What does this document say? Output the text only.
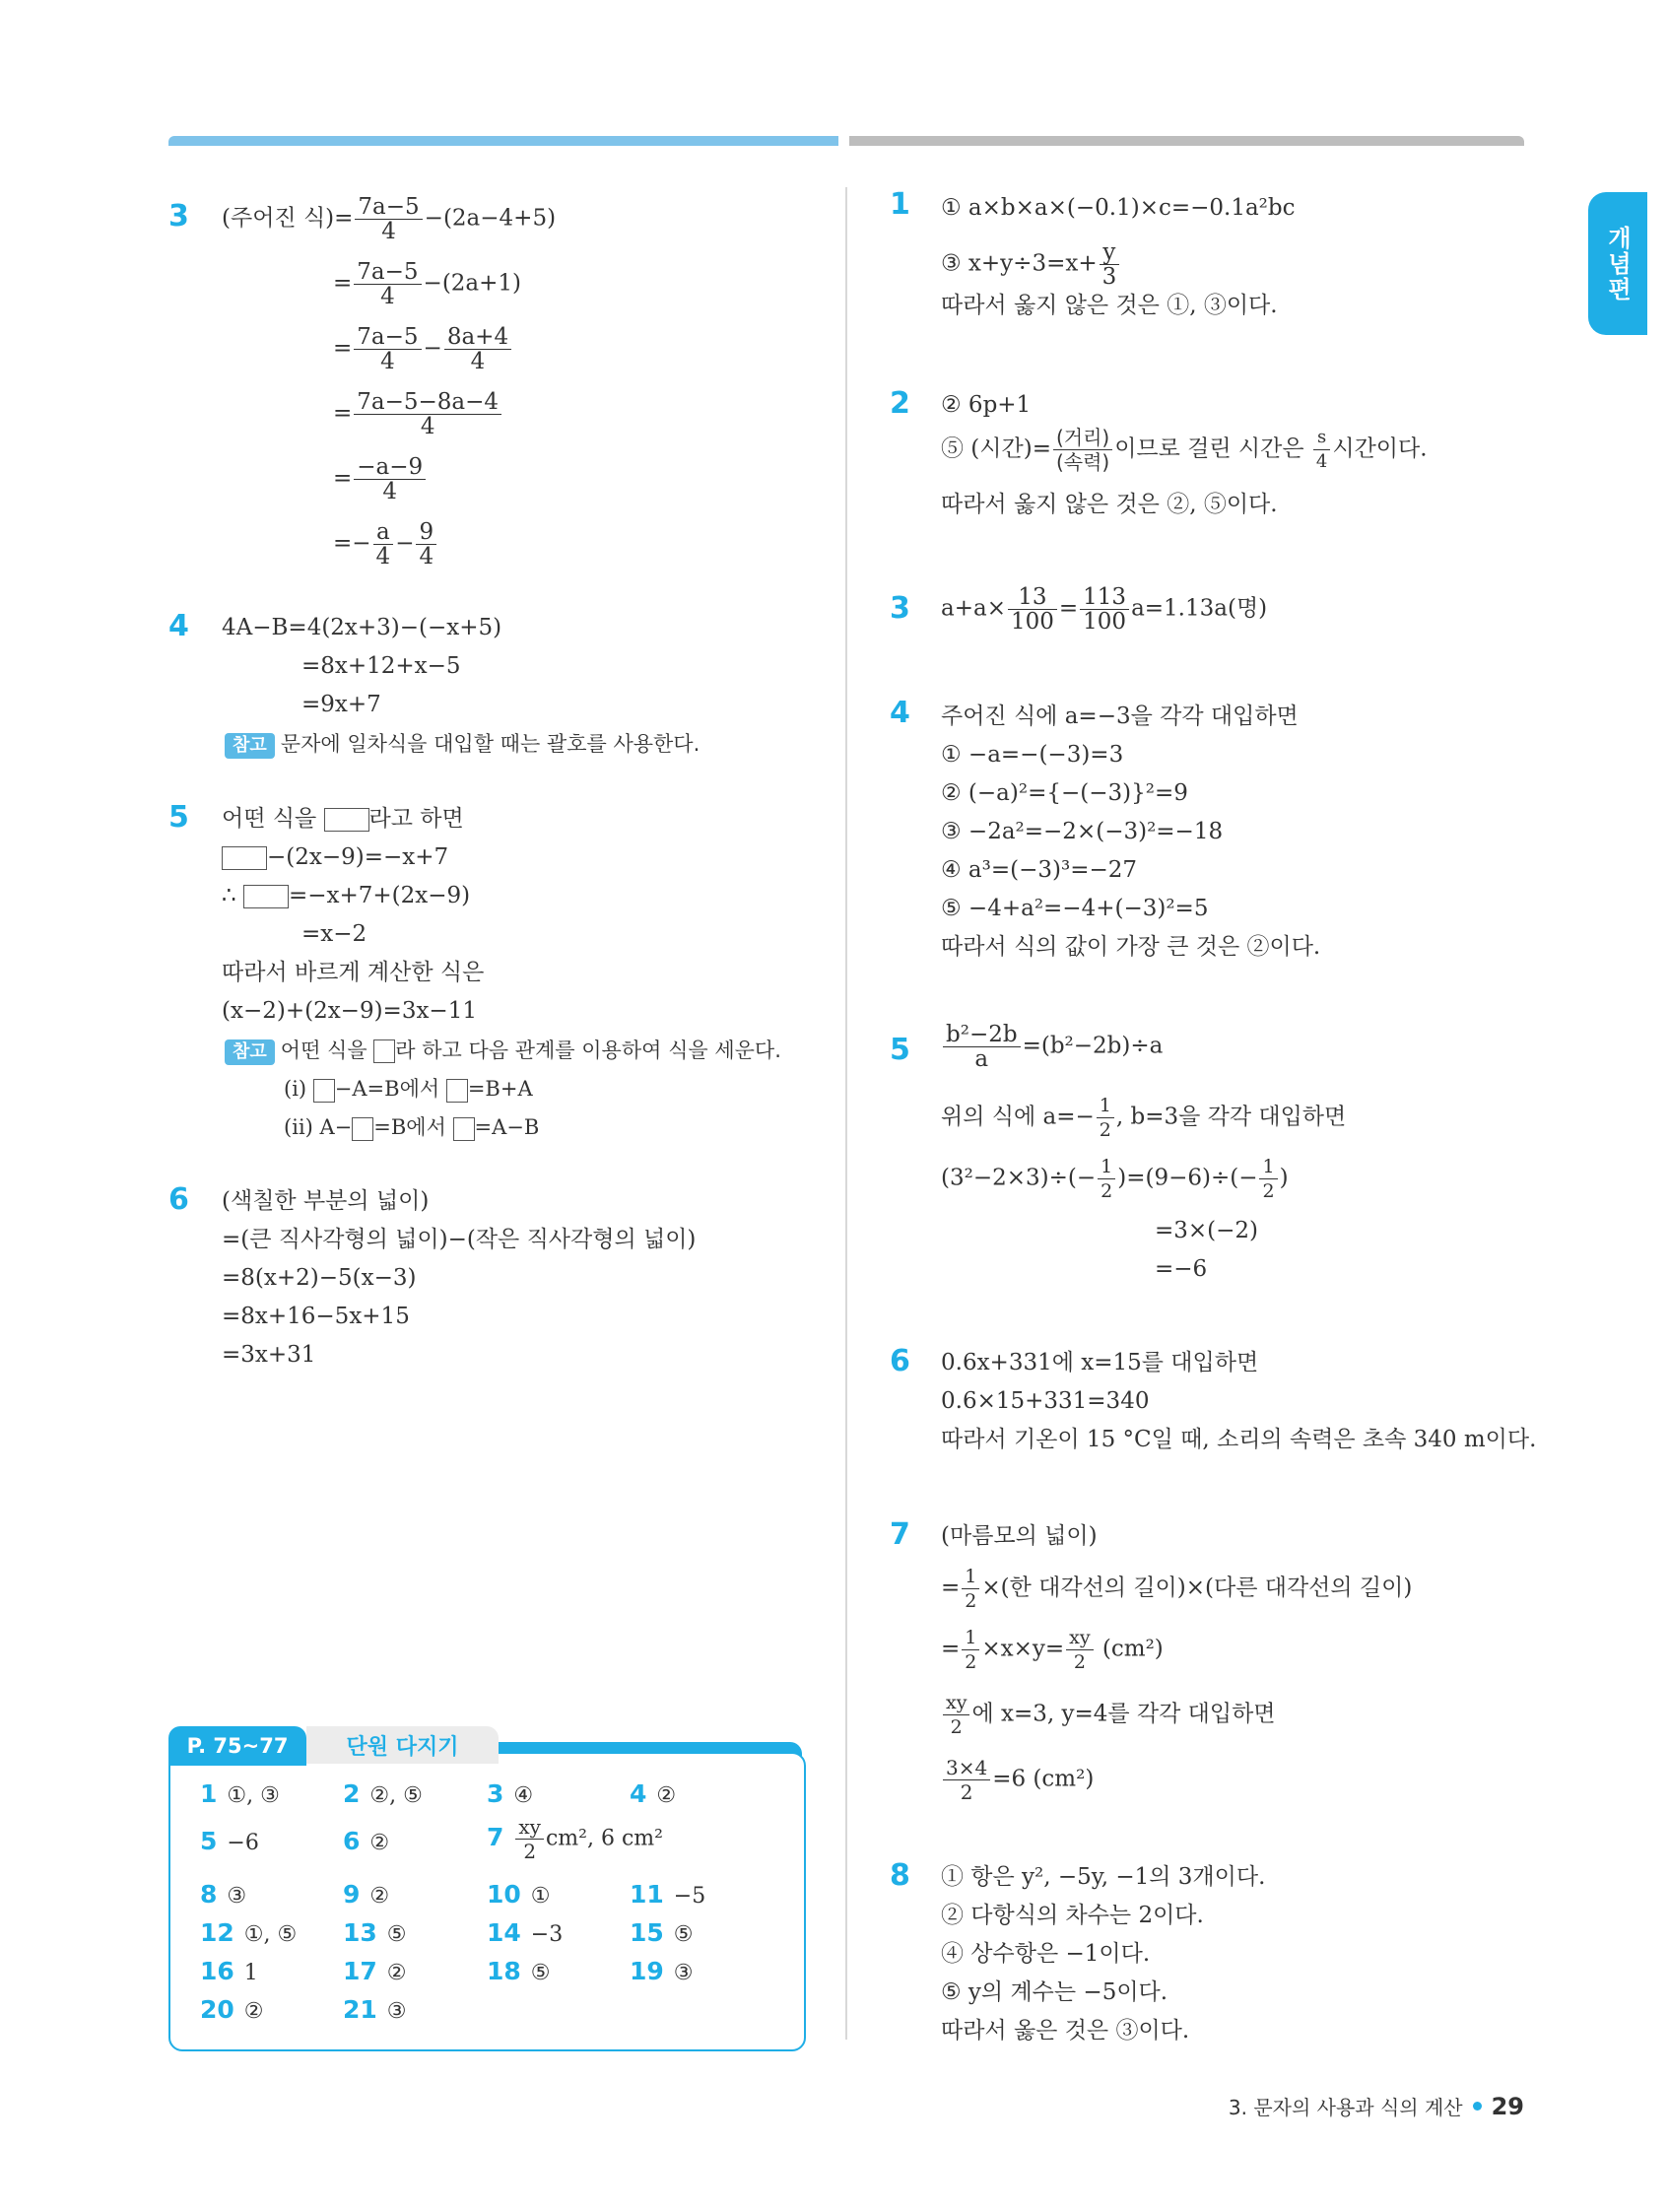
개념편
3 (주어진 식)= $\frac{7a-5}{4} -(2a-4+5)$
= $\frac{7a-5}{4} -(2a+1)$
= $\frac{7a-5}{4} - \frac{8a+4}{4}$
= $\frac{7a-5-8a-4}{4}$
= $\frac{-a-9}{4}$
=− $\frac{a}{4} - \frac{9}{4}$
4 4A−B=4(2x+3)−(−x+5)
=8x+12+x−5
=9x+7
참고 문자에 일차식을 대입할 때는 괄호를 사용한다.
5 어떤 식을 라고 하면
−(2x−9)=−x+7
∴ =−x+7+(2x−9)
=x−2
따라서 바르게 계산한 식은
(x−2)+(2x−9)=3x−11
참고 어떤 식을 라 하고 다음 관계를 이용하여 식을 세운다.
(ⅰ) −A=B에서 =B+A
(ⅱ) A− =B에서 =A−B
6 (색칠한 부분의 넓이)
=(큰 직사각형의 넓이)−(작은 직사각형의 넓이)
=8(x+2)−5(x−3)
=8x+16−5x+15
=3x+31
P. 75~77	단원 다지기
1 ①, ③	2 ②, ⑤	3 ④	4 ②
5 −6	6 ②	$7 \frac{xy}{2} cm^2$, 6 cm²
8 ③	9 ②	10 ①	11 −5
12 ①, ⑤ 13 ⑤	14 −3	15 ⑤
16 1	17 ②	18 ⑤	19 ③
20 ②	21 ③
1 ① a×b×a×(−0.1)×c=−0.1a²bc
③ $x+y\div 3=x+ \frac{y}{3}$
따라서 옳지 않은 것은 ①, ③이다.
2 ② 6p+1
⑤ (시간)= $\frac{\text{(거리)}}{\text{(속력)}}$ 이므로 걸린 시간은 $\frac{s}{4}$ 시간이다.
따라서 옳지 않은 것은 ②, ⑤이다.
3 $a+a\times \frac{13}{100} = \frac{113}{100} a=1.13a$(명)
4 주어진 식에 a=−3을 각각 대입하면
① −a=−(−3)=3
② (−a)²={−(−3)}²=9
③ −2a²=−2×(−3)²=−18
④ a³=(−3)³=−27
⑤ −4+a²=−4+(−3)²=5
따라서 식의 값이 가장 큰 것은 ②이다.
$5 \frac{\text{b²−2b}}{a} =(b^2-2b)\div a$
위의 식에 $a=- \frac{1}{2}$ , b=3을 각각 대입하면
$(3^2-2\times 3)\div(- \frac{1}{2} )=(9-6)\div(- \frac{1}{2}$ )
=3×(−2)
=−6
6 0.6x+331에 x=15를 대입하면
0.6×15+331=340
따라서 기온이 15 °C일 때, 소리의 속력은 초속 340 m이다.
7 (마름모의 넓이)
= $\frac{1}{2}$ ×(한 대각선의 길이)×(다른 대각선의 길이)
= $\frac{1}{2} \times x\times y= \frac{xy}{2} (cm^2)$
$\frac{xy}{2}$ 에 x=3, y=4를 각각 대입하면
$\frac{3\times 4}{2} =6$ (cm²)
8 ① 항은 y², −5y, −1의 3개이다.
② 다항식의 차수는 2이다.
④ 상수항은 −1이다.
⑤ y의 계수는 −5이다.
따라서 옳은 것은 ③이다.
3. 문자의 사용과 식의 계산 29
